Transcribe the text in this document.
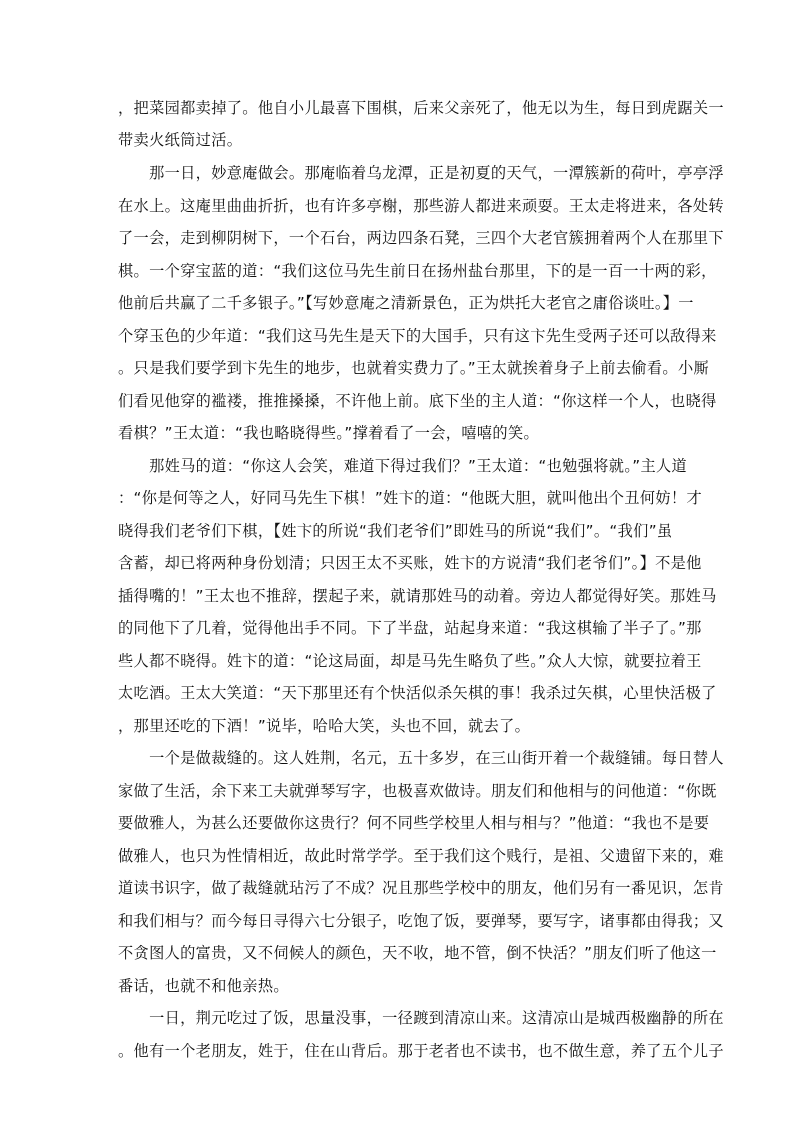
，把菜园都卖掉了。他自小儿最喜下围棋，后来父亲死了，他无以为生，每日到虎踞关一
带卖火纸筒过活。
　　那一日，妙意庵做会。那庵临着乌龙潭，正是初夏的天气，一潭簇新的荷叶，亭亭浮
在水上。这庵里曲曲折折，也有许多亭榭，那些游人都进来顽耍。王太走将进来，各处转
了一会，走到柳阴树下，一个石台，两边四条石凳，三四个大老官簇拥着两个人在那里下
棋。一个穿宝蓝的道：“我们这位马先生前日在扬州盐台那里，下的是一百一十两的彩，
他前后共赢了二千多银子。”【写妙意庵之清新景色，正为烘托大老官之庸俗谈吐。】一
个穿玉色的少年道：“我们这马先生是天下的大国手，只有这卞先生受两子还可以敌得来
。只是我们要学到卞先生的地步，也就着实费力了。”王太就挨着身子上前去偷看。小厮
们看见他穿的褴褛，推推搡搡，不许他上前。底下坐的主人道：“你这样一个人，也晓得
看棋？”王太道：“我也略晓得些。”撑着看了一会，嘻嘻的笑。
　　那姓马的道：“你这人会笑，难道下得过我们？”王太道：“也勉强将就。”主人道
：“你是何等之人，好同马先生下棋！”姓卞的道：“他既大胆，就叫他出个丑何妨！才
晓得我们老爷们下棋，【姓卞的所说“我们老爷们”即姓马的所说“我们”。“我们”虽
含蓄，却已将两种身份划清；只因王太不买账，姓卞的方说清“我们老爷们”。】不是他
插得嘴的！”王太也不推辞，摆起子来，就请那姓马的动着。旁边人都觉得好笑。那姓马
的同他下了几着，觉得他出手不同。下了半盘，站起身来道：“我这棋输了半子了。”那
些人都不晓得。姓卞的道：“论这局面，却是马先生略负了些。”众人大惊，就要拉着王
太吃酒。王太大笑道：“天下那里还有个快活似杀矢棋的事！我杀过矢棋，心里快活极了
，那里还吃的下酒！”说毕，哈哈大笑，头也不回，就去了。
　　一个是做裁缝的。这人姓荆，名元，五十多岁，在三山街开着一个裁缝铺。每日替人
家做了生活，余下来工夫就弹琴写字，也极喜欢做诗。朋友们和他相与的问他道：“你既
要做雅人，为甚么还要做你这贵行？何不同些学校里人相与相与？”他道：“我也不是要
做雅人，也只为性情相近，故此时常学学。至于我们这个贱行，是祖、父遗留下来的，难
道读书识字，做了裁缝就玷污了不成？况且那些学校中的朋友，他们另有一番见识，怎肯
和我们相与？而今每日寻得六七分银子，吃饱了饭，要弹琴，要写字，诸事都由得我；又
不贪图人的富贵，又不伺候人的颜色，天不收，地不管，倒不快活？”朋友们听了他这一
番话，也就不和他亲热。
　　一日，荆元吃过了饭，思量没事，一径踱到清凉山来。这清凉山是城西极幽静的所在
。他有一个老朋友，姓于，住在山背后。那于老者也不读书，也不做生意，养了五个儿子
